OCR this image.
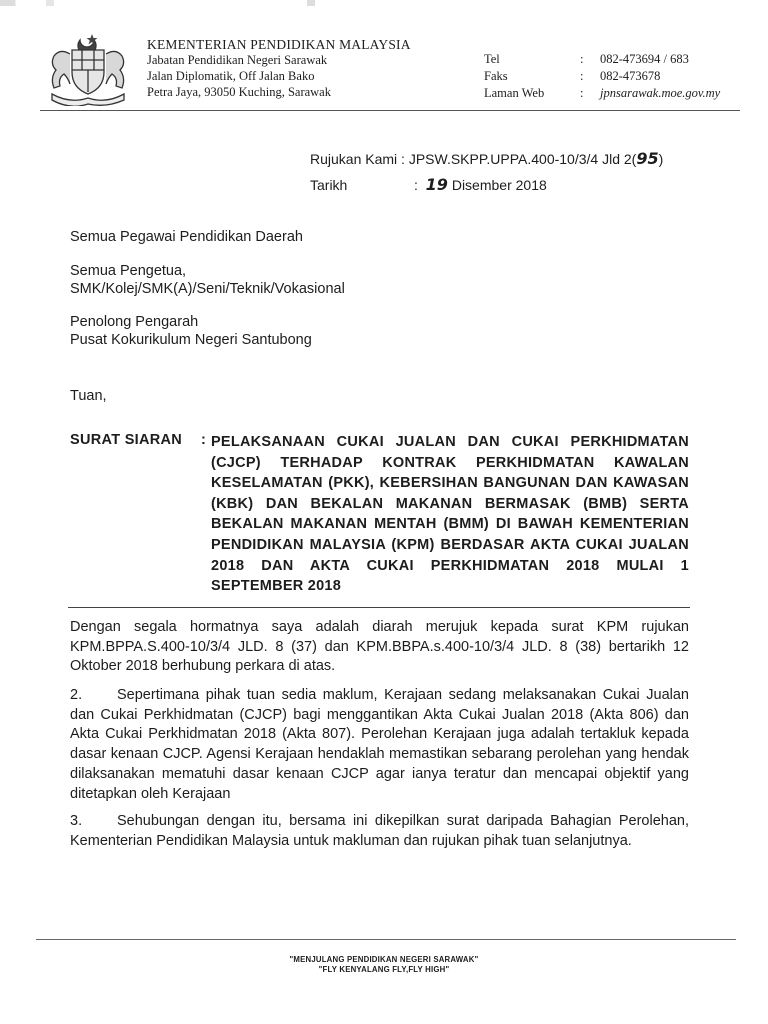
KEMENTERIAN PENDIDIKAN MALAYSIA
Jabatan Pendidikan Negeri Sarawak
Jalan Diplomatik, Off Jalan Bako
Petra Jaya, 93050 Kuching, Sarawak
Tel	:	082-473694 / 683
Faks	:	082-473678
Laman Web	:	jpnsarawak.moe.gov.my
Rujukan Kami : JPSW.SKPP.UPPA.400-10/3/4 Jld 2( 95 )
Tarikh	: 19
Disember 2018
Semua Pegawai Pendidikan Daerah
Semua Pengetua,
SMK/Kolej/SMK(A)/Seni/Teknik/Vokasional
Penolong Pengarah
Pusat Kokurikulum Negeri Santubong
Tuan,
SURAT SIARAN : PELAKSANAAN CUKAI JUALAN DAN CUKAI PERKHIDMATAN (CJCP) TERHADAP KONTRAK PERKHIDMATAN KAWALAN KESELAMATAN (PKK), KEBERSIHAN BANGUNAN DAN KAWASAN (KBK) DAN BEKALAN MAKANAN BERMASAK (BMB) SERTA BEKALAN MAKANAN MENTAH (BMM) DI BAWAH KEMENTERIAN PENDIDIKAN MALAYSIA (KPM) BERDASAR AKTA CUKAI JUALAN 2018 DAN AKTA CUKAI PERKHIDMATAN 2018 MULAI 1 SEPTEMBER 2018
Dengan segala hormatnya saya adalah diarah merujuk kepada surat KPM rujukan KPM.BPPA.S.400-10/3/4 JLD. 8 (37) dan KPM.BBPA.s.400-10/3/4 JLD. 8 (38) bertarikh 12 Oktober 2018 berhubung perkara di atas.
2. Sepertimana pihak tuan sedia maklum, Kerajaan sedang melaksanakan Cukai Jualan dan Cukai Perkhidmatan (CJCP) bagi menggantikan Akta Cukai Jualan 2018 (Akta 806) dan Akta Cukai Perkhidmatan 2018 (Akta 807). Perolehan Kerajaan juga adalah tertakluk kepada dasar kenaan CJCP. Agensi Kerajaan hendaklah memastikan sebarang perolehan yang hendak dilaksanakan mematuhi dasar kenaan CJCP agar ianya teratur dan mencapai objektif yang ditetapkan oleh Kerajaan
3. Sehubungan dengan itu, bersama ini dikepilkan surat daripada Bahagian Perolehan, Kementerian Pendidikan Malaysia untuk makluman dan rujukan pihak tuan selanjutnya.
"MENJULANG PENDIDIKAN NEGERI SARAWAK"
"FLY KENYALANG FLY,FLY HIGH"
